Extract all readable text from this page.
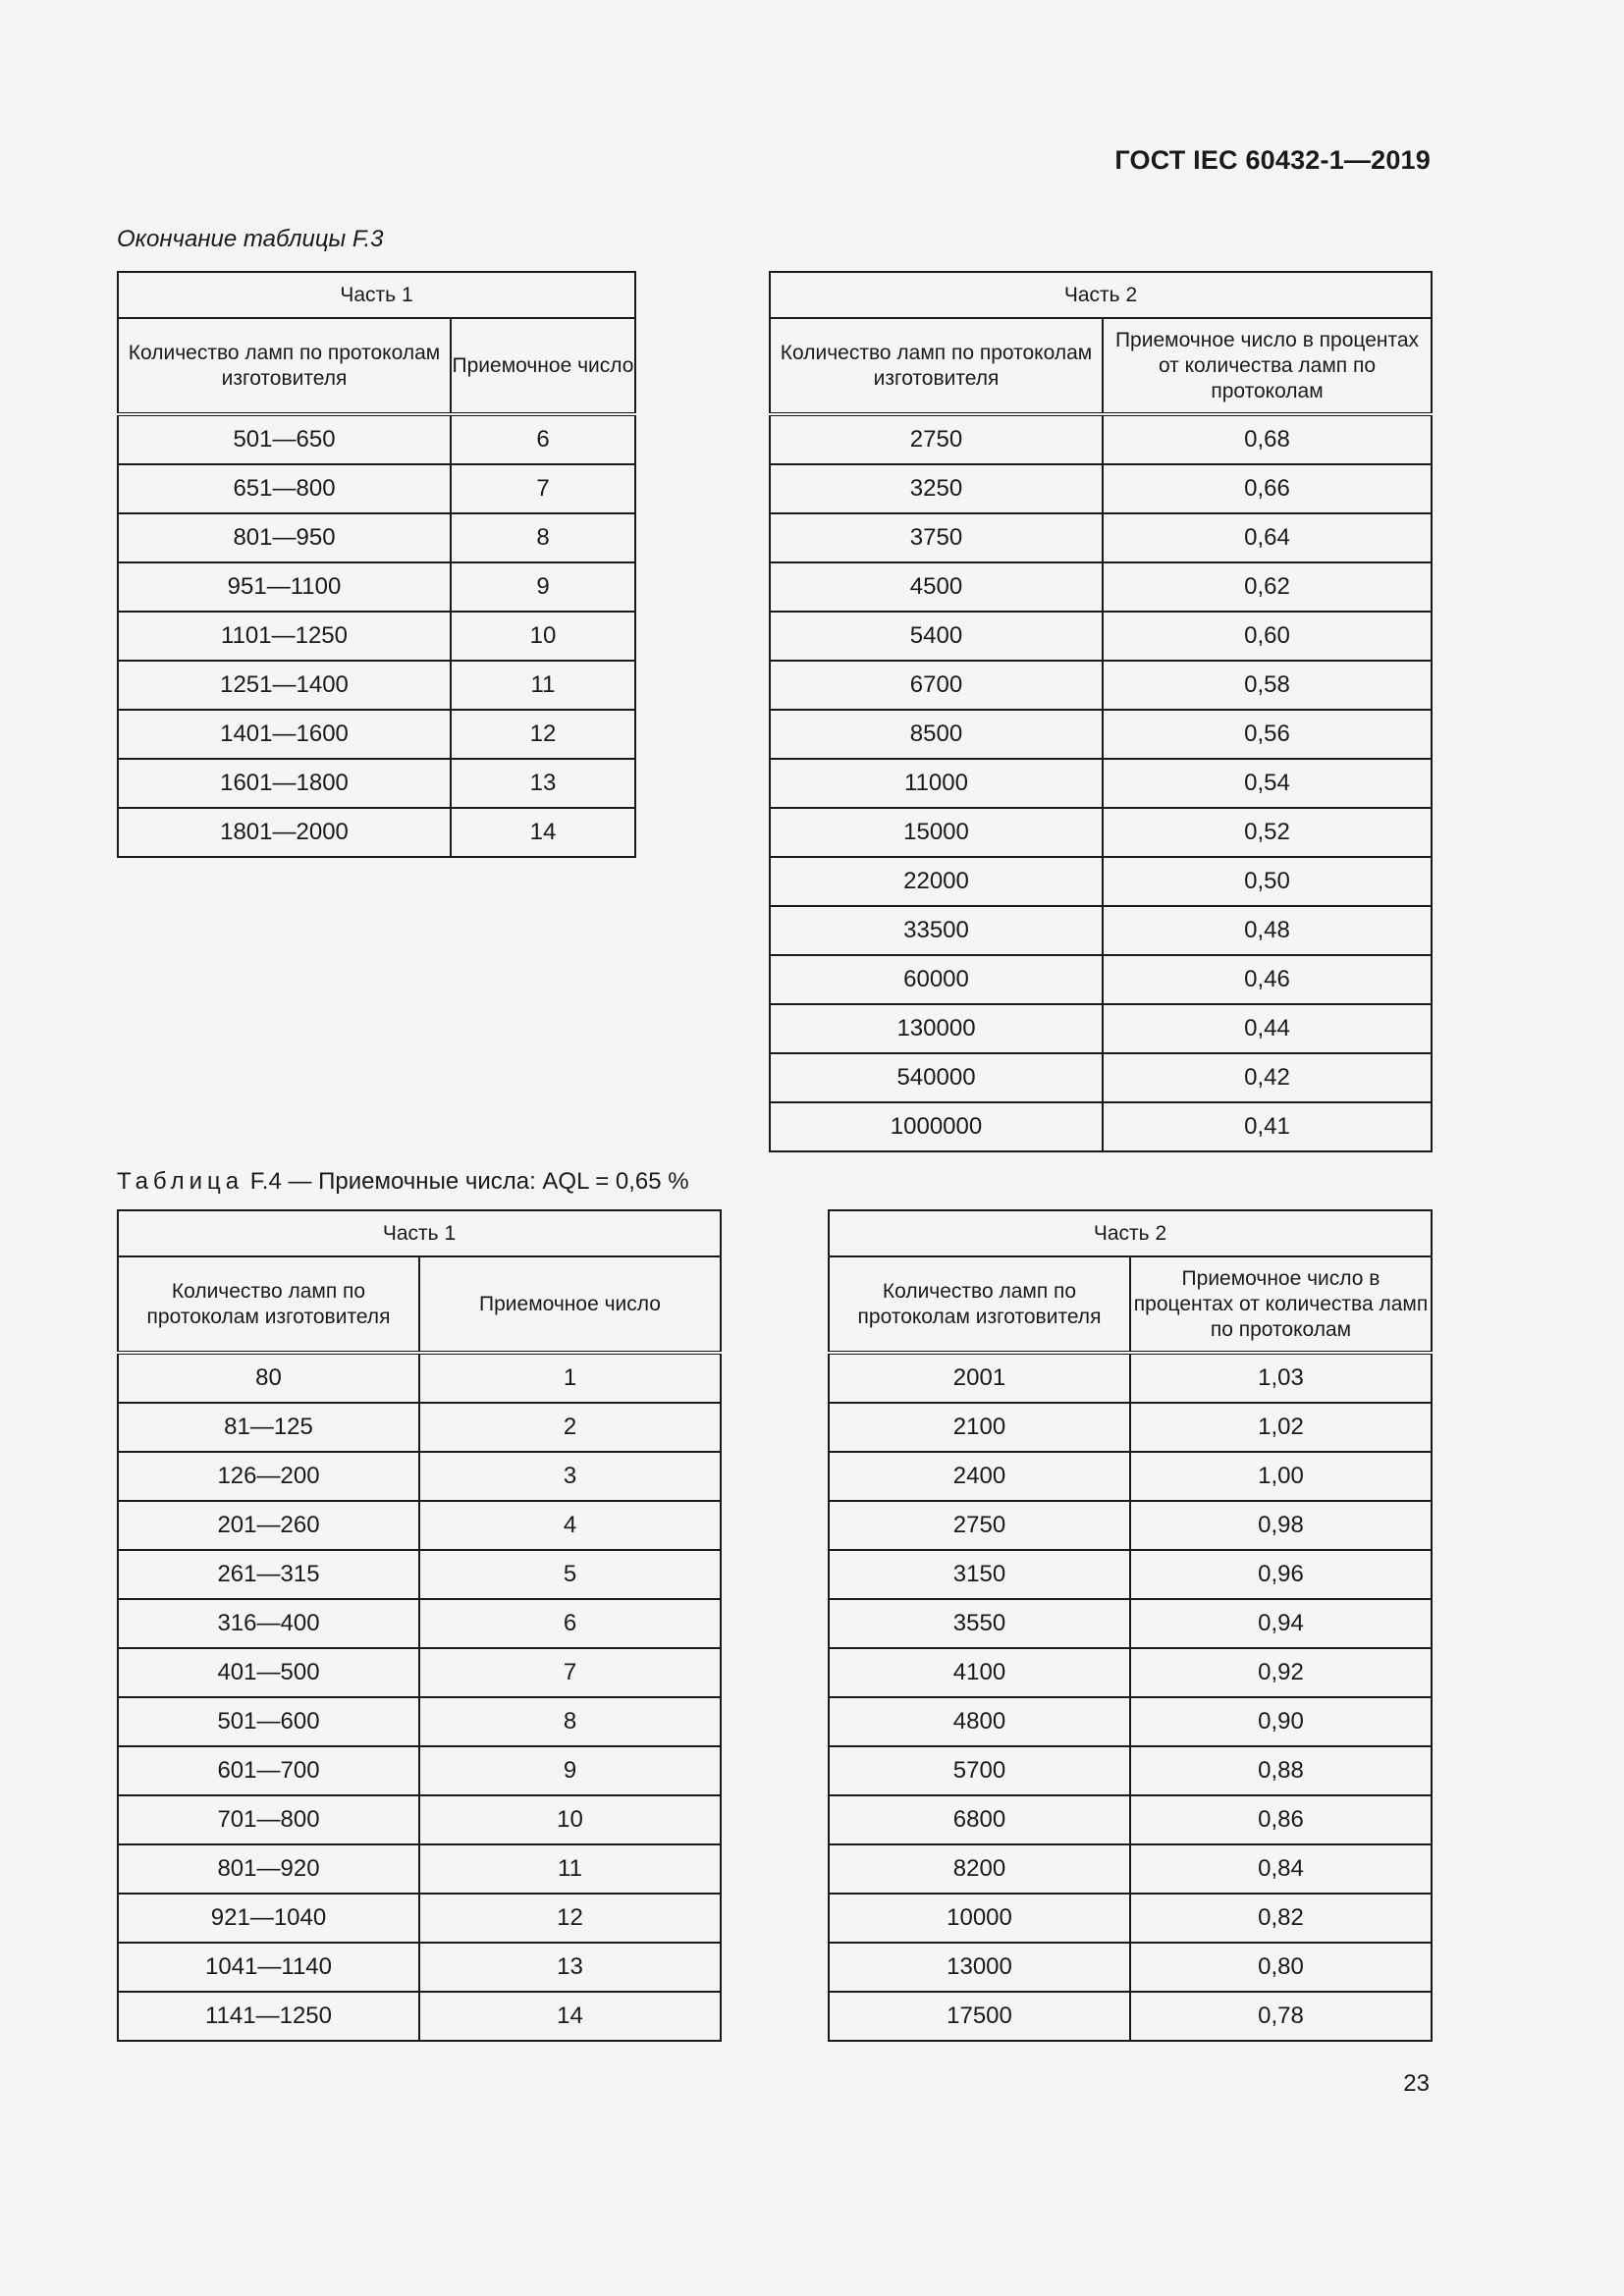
ГОСТ IEC 60432-1—2019
Окончание таблицы F.3
Часть 1	
Количество ламп по протоколам изготовителя	Приемочное число
501—650	6
651—800	7
801—950	8
951—1100	9
1101—1250	10
1251—1400	11
1401—1600	12
1601—1800	13
1801—2000	14
Часть 2	
Количество ламп по протоколам изготовителя	Приемочное число в процентах от количества ламп по протоколам
2750	0,68
3250	0,66
3750	0,64
4500	0,62
5400	0,60
6700	0,58
8500	0,56
11000	0,54
15000	0,52
22000	0,50
33500	0,48
60000	0,46
130000	0,44
540000	0,42
1000000	0,41
Таблица F.4 — Приемочные числа: AQL = 0,65 %
Часть 1	
Количество ламп по протоколам изготовителя	Приемочное число
80	1
81—125	2
126—200	3
201—260	4
261—315	5
316—400	6
401—500	7
501—600	8
601—700	9
701—800	10
801—920	11
921—1040	12
1041—1140	13
1141—1250	14
Часть 2	
Количество ламп по протоколам изготовителя	Приемочное число в процентах от количества ламп по протоколам
2001	1,03
2100	1,02
2400	1,00
2750	0,98
3150	0,96
3550	0,94
4100	0,92
4800	0,90
5700	0,88
6800	0,86
8200	0,84
10000	0,82
13000	0,80
17500	0,78
23
